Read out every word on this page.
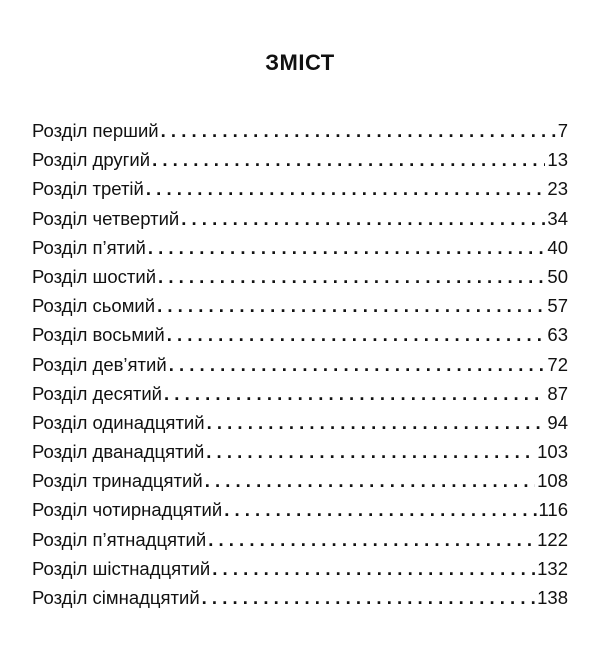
ЗМІСТ
Розділ перший . . .	7
Розділ другий . . .	13
Розділ третій . . .	23
Розділ четвертий . . .	34
Розділ п’ятий . . .	40
Розділ шостий . . .	50
Розділ сьомий . . .	57
Розділ восьмий . . .	63
Розділ дев’ятий . . .	72
Розділ десятий . . .	87
Розділ одинадцятий . . .	94
Розділ дванадцятий . . .	103
Розділ тринадцятий . . .	108
Розділ чотирнадцятий . . .	116
Розділ п’ятнадцятий . . .	122
Розділ шістнадцятий . . .	132
Розділ сімнадцятий . . .	138
